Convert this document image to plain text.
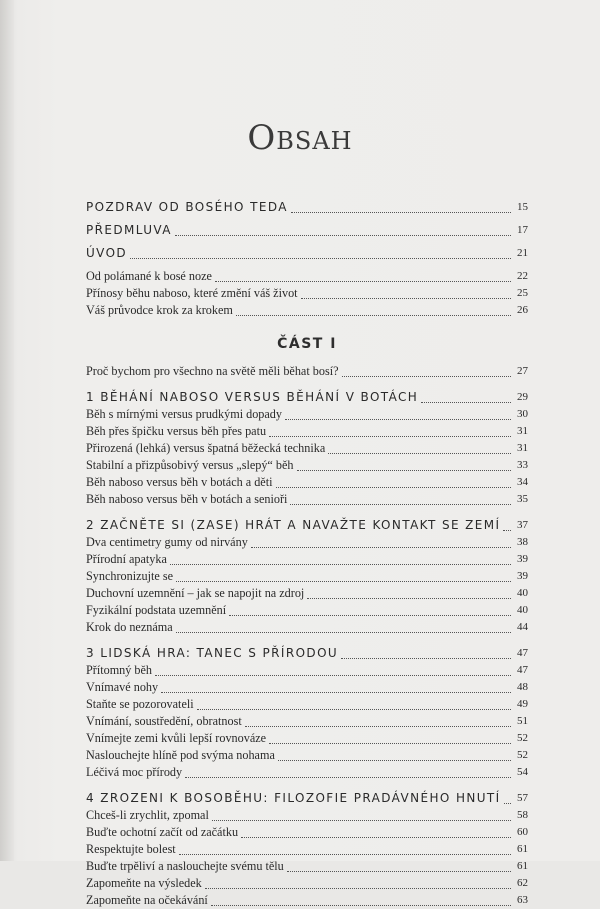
Obsah
POZDRAV OD BOSÉHO TEDA	15
PŘEDMLUVA	17
ÚVOD	21
Od polámané k bosé noze	22
Přínosy běhu naboso, které změní váš život	25
Váš průvodce krok za krokem	26
ČÁST I
Proč bychom pro všechno na světě měli běhat bosí?	27
1 BĚHÁNÍ NABOSO VERSUS BĚHÁNÍ V BOTÁCH	29
Běh s mírnými versus prudkými dopady	30
Běh přes špičku versus běh přes patu	31
Přirozená (lehká) versus špatná běžecká technika	31
Stabilní a přizpůsobivý versus „slepý“ běh	33
Běh naboso versus běh v botách a děti	34
Běh naboso versus běh v botách a senioři	35
2 ZAČNĚTE SI (ZASE) HRÁT A NAVAŽTE KONTAKT SE ZEMÍ 37
Dva centimetry gumy od nirvány	38
Přírodní apatyka	39
Synchronizujte se	39
Duchovní uzemnění – jak se napojit na zdroj	40
Fyzikální podstata uzemnění	40
Krok do neznáma	44
3 LIDSKÁ HRA: TANEC S PŘÍRODOU	47
Přítomný běh	47
Vnímavé nohy	48
Staňte se pozorovateli	49
Vnímání, soustředění, obratnost	51
Vnímejte zemi kvůli lepší rovnováze	52
Naslouchejte hlíně pod svýma nohama	52
Léčivá moc přírody	54
4 ZROZENI K BOSOBĚHU: FILOZOFIE PRADÁVNÉHO HNUTÍ 57
Chceš-li zrychlit, zpomal	58
Buďte ochotní začít od začátku	60
Respektujte bolest	61
Buďte trpěliví a naslouchejte svému tělu	61
Zapomeňte na výsledek	62
Zapomeňte na očekávání	63
